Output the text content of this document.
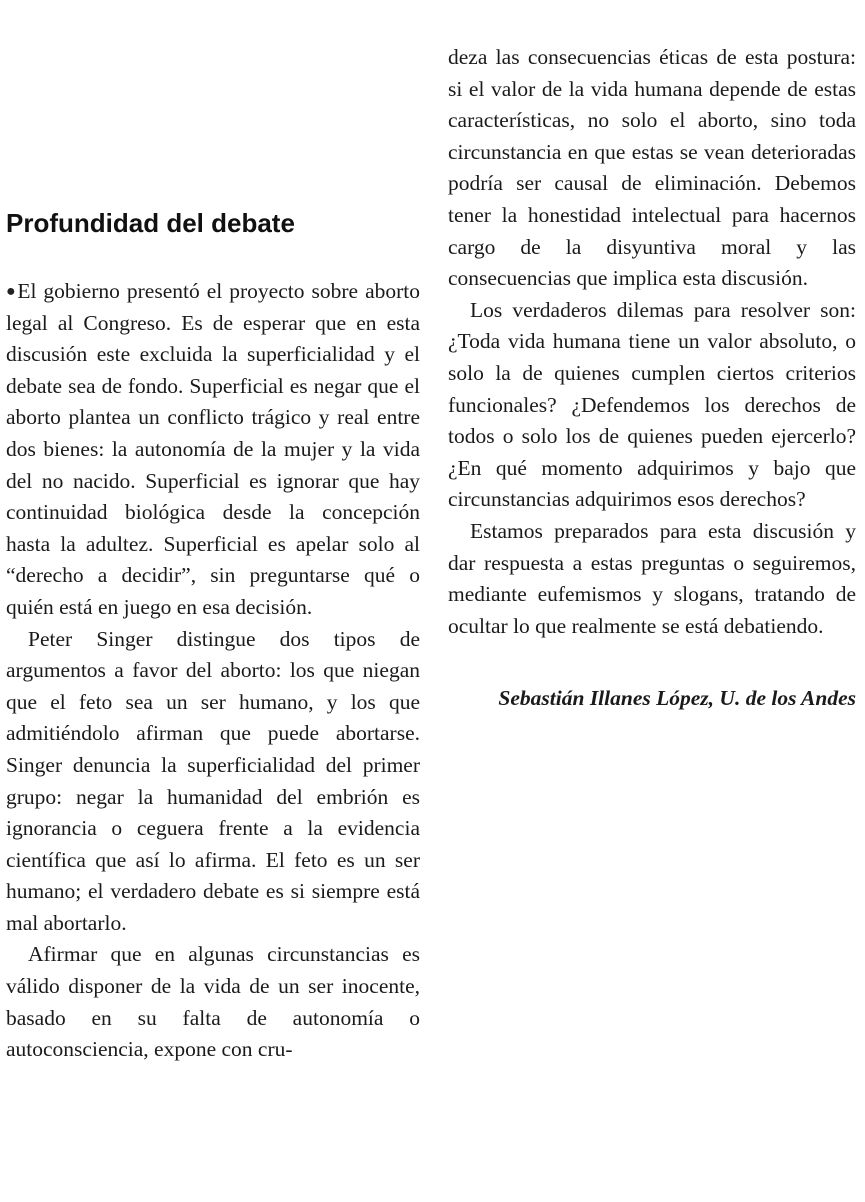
Profundidad del debate

●El gobierno presentó el proyecto sobre aborto legal al Congreso. Es de esperar que en esta discusión este excluida la superficialidad y el debate sea de fondo. Superficial es negar que el aborto plantea un conflicto trágico y real entre dos bienes: la autonomía de la mujer y la vida del no nacido. Superficial es ignorar que hay continuidad biológica desde la concepción hasta la adultez. Superficial es apelar solo al “derecho a decidir”, sin preguntarse qué o quién está en juego en esa decisión.

Peter Singer distingue dos tipos de argumentos a favor del aborto: los que niegan que el feto sea un ser humano, y los que admitiéndolo afirman que puede abortarse. Singer denuncia la superficialidad del primer grupo: negar la humanidad del embrión es ignorancia o ceguera frente a la evidencia científica que así lo afirma. El feto es un ser humano; el verdadero debate es si siempre está mal abortarlo.

Afirmar que en algunas circunstancias es válido disponer de la vida de un ser inocente, basado en su falta de autonomía o autoconsciencia, expone con cru-

deza las consecuencias éticas de esta postura: si el valor de la vida humana depende de estas características, no solo el aborto, sino toda circunstancia en que estas se vean deterioradas podría ser causal de eliminación. Debemos tener la honestidad intelectual para hacernos cargo de la disyuntiva moral y las consecuencias que implica esta discusión.

Los verdaderos dilemas para resolver son: ¿Toda vida humana tiene un valor absoluto, o solo la de quienes cumplen ciertos criterios funcionales? ¿Defendemos los derechos de todos o solo los de quienes pueden ejercerlo? ¿En qué momento adquirimos y bajo que circunstancias adquirimos esos derechos?

Estamos preparados para esta discusión y dar respuesta a estas preguntas o seguiremos, mediante eufemismos y slogans, tratando de ocultar lo que realmente se está debatiendo.

Sebastián Illanes López, U. de los Andes
